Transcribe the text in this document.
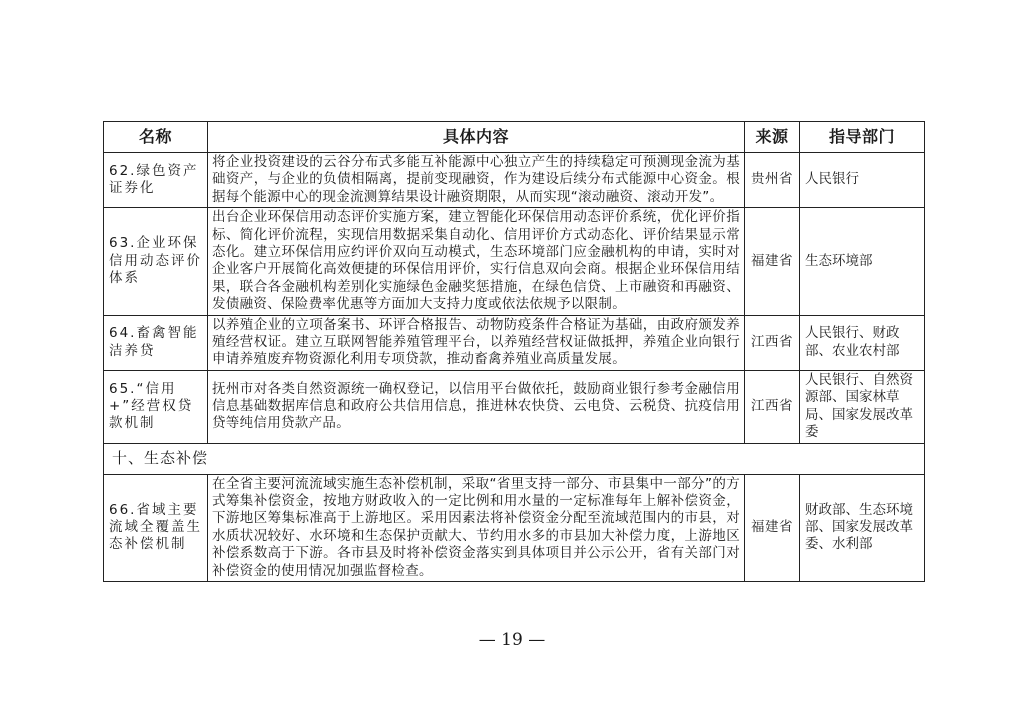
名称	具体内容	来源	指导部门
62.绿色资产证券化	将企业投资建设的云谷分布式多能互补能源中心独立产生的持续稳定可预测现金流为基础资产，与企业的负债相隔离，提前变现融资，作为建设后续分布式能源中心资金。根据每个能源中心的现金流测算结果设计融资期限，从而实现“滚动融资、滚动开发”。	贵州省	人民银行
63.企业环保信用动态评价体系	出台企业环保信用动态评价实施方案，建立智能化环保信用动态评价系统，优化评价指标、简化评价流程，实现信用数据采集自动化、信用评价方式动态化、评价结果显示常态化。建立环保信用应约评价双向互动模式，生态环境部门应金融机构的申请，实时对企业客户开展简化高效便捷的环保信用评价，实行信息双向会商。根据企业环保信用结果，联合各金融机构差别化实施绿色金融奖惩措施，在绿色信贷、上市融资和再融资、发债融资、保险费率优惠等方面加大支持力度或依法依规予以限制。	福建省	生态环境部
64.畜禽智能洁养贷	以养殖企业的立项备案书、环评合格报告、动物防疫条件合格证为基础，由政府颁发养殖经营权证。建立互联网智能养殖管理平台，以养殖经营权证做抵押，养殖企业向银行申请养殖废弃物资源化利用专项贷款，推动畜禽养殖业高质量发展。	江西省	人民银行、财政部、农业农村部
65.“信用+”经营权贷款机制	抚州市对各类自然资源统一确权登记，以信用平台做依托，鼓励商业银行参考金融信用信息基础数据库信息和政府公共信用信息，推进林农快贷、云电贷、云税贷、抗疫信用贷等纯信用贷款产品。	江西省	人民银行、自然资源部、国家林草局、国家发展改革委
十、生态补偿			
66.省域主要流域全覆盖生态补偿机制	在全省主要河流流域实施生态补偿机制，采取“省里支持一部分、市县集中一部分”的方式筹集补偿资金，按地方财政收入的一定比例和用水量的一定标准每年上解补偿资金，下游地区筹集标准高于上游地区。采用因素法将补偿资金分配至流域范围内的市县，对水质状况较好、水环境和生态保护贡献大、节约用水多的市县加大补偿力度，上游地区补偿系数高于下游。各市县及时将补偿资金落实到具体项目并公示公开，省有关部门对补偿资金的使用情况加强监督检查。	福建省	财政部、生态环境部、国家发展改革委、水利部
— 19 —
